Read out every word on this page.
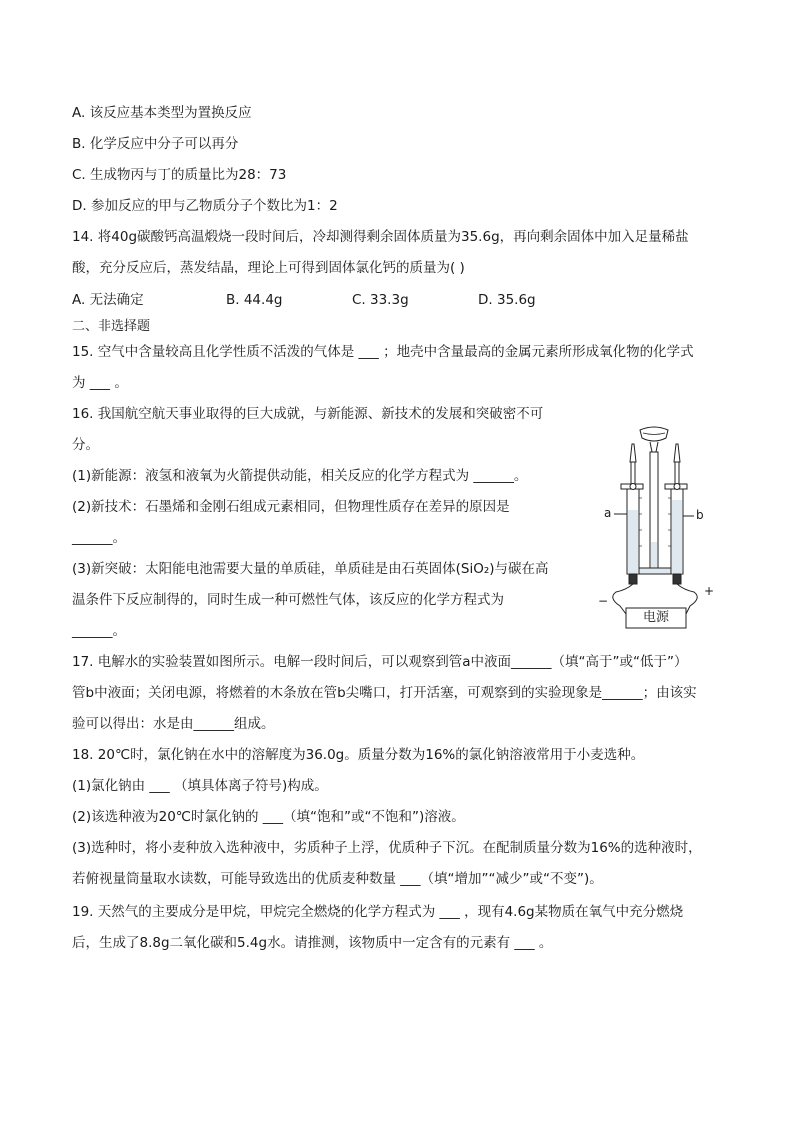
A. 该反应基本类型为置换反应
B. 化学反应中分子可以再分
C. 生成物丙与丁的质量比为28：73
D. 参加反应的甲与乙物质分子个数比为1：2
14. 将40g碳酸钙高温煅烧一段时间后，冷却测得剩余固体质量为35.6g，再向剩余固体中加入足量稀盐
酸，充分反应后，蒸发结晶，理论上可得到固体氯化钙的质量为( )
A. 无法确定	B. 44.4g	C. 33.3g	D. 35.6g
二、非选择题
15. 空气中含量较高且化学性质不活泼的气体是 ___ ；地壳中含量最高的金属元素所形成氧化物的化学式
为 ___ 。
16. 我国航空航天事业取得的巨大成就，与新能源、新技术的发展和突破密不可
分。
(1)新能源：液氢和液氧为火箭提供动能，相关反应的化学方程式为 ______。
(2)新技术：石墨烯和金刚石组成元素相同，但物理性质存在差异的原因是
______。
(3)新突破：太阳能电池需要大量的单质硅，单质硅是由石英固体(SiO₂)与碳在高
温条件下反应制得的，同时生成一种可燃性气体，该反应的化学方程式为
______。
a	b
−
+
电源
17. 电解水的实验装置如图所示。电解一段时间后，可以观察到管a中液面______（填“高于”或“低于”）
管b中液面；关闭电源，将燃着的木条放在管b尖嘴口，打开活塞，可观察到的实验现象是______；由该实
验可以得出：水是由______组成。
18. 20℃时，氯化钠在水中的溶解度为36.0g。质量分数为16%的氯化钠溶液常用于小麦选种。
(1)氯化钠由 ___ （填具体离子符号)构成。
(2)该选种液为20℃时氯化钠的 ___（填“饱和”或“不饱和”)溶液。
(3)选种时，将小麦种放入选种液中，劣质种子上浮，优质种子下沉。在配制质量分数为16%的选种液时，
若俯视量筒量取水读数，可能导致选出的优质麦种数量 ___（填“增加”“减少”或“不变”)。
19. 天然气的主要成分是甲烷，甲烷完全燃烧的化学方程式为 ___ ，现有4.6g某物质在氧气中充分燃烧
后，生成了8.8g二氧化碳和5.4g水。请推测，该物质中一定含有的元素有 ___ 。
